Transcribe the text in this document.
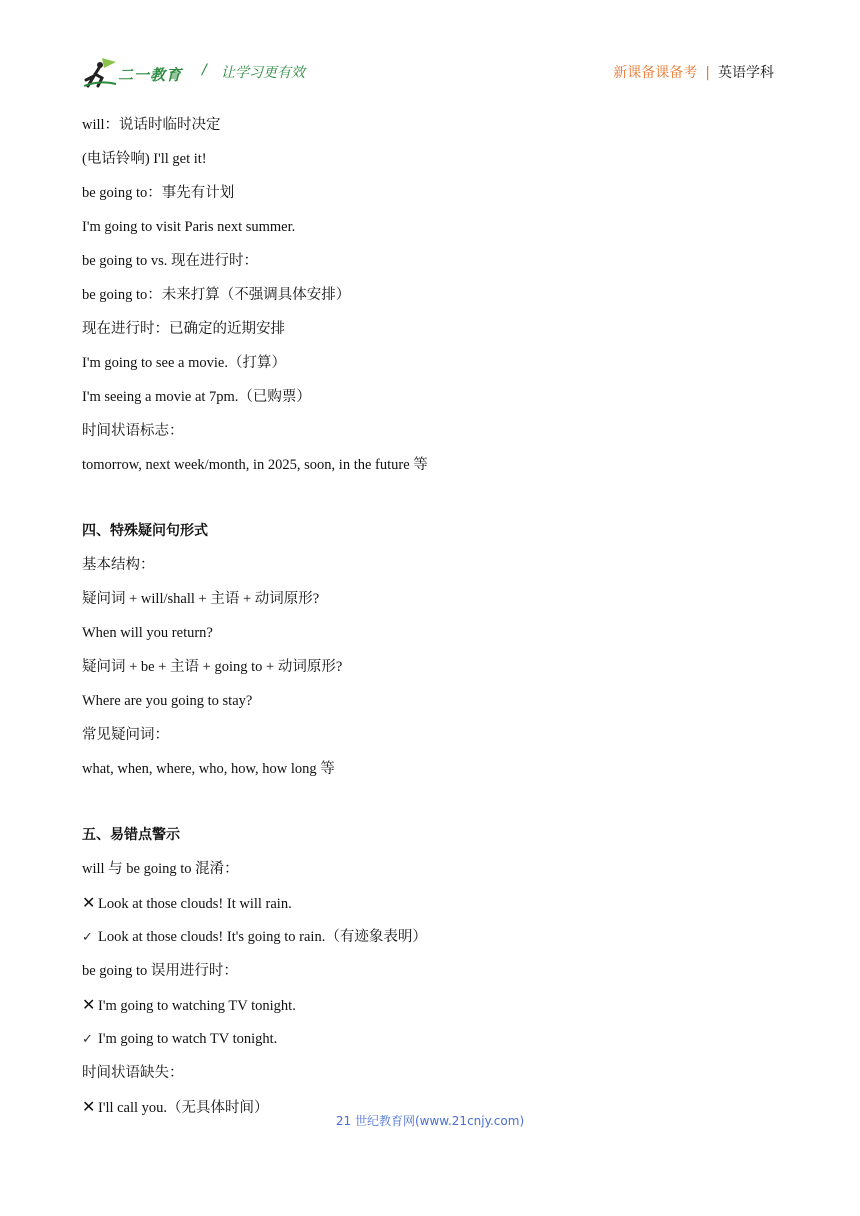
二一教育 / 让学习更有效	新课备课备考 | 英语学科
will：说话时临时决定
(电话铃响) I'll get it!
be going to：事先有计划
I'm going to visit Paris next summer.
be going to vs. 现在进行时：
be going to：未来打算（不强调具体安排）
现在进行时：已确定的近期安排
I'm going to see a movie.（打算）
I'm seeing a movie at 7pm.（已购票）
时间状语标志：
tomorrow, next week/month, in 2025, soon, in the future 等
四、特殊疑问句形式
基本结构：
疑问词 + will/shall + 主语 + 动词原形?
When will you return?
疑问词 + be + 主语 + going to + 动词原形?
Where are you going to stay?
常见疑问词：
what, when, where, who, how, how long 等
五、易错点警示
will 与 be going to 混淆：
✕ Look at those clouds! It will rain.
✓ Look at those clouds! It's going to rain.（有迹象表明）
be going to 误用进行时：
✕ I'm going to watching TV tonight.
✓ I'm going to watch TV tonight.
时间状语缺失：
✕ I'll call you.（无具体时间）
21 世纪教育网(www.21cnjy.com)
